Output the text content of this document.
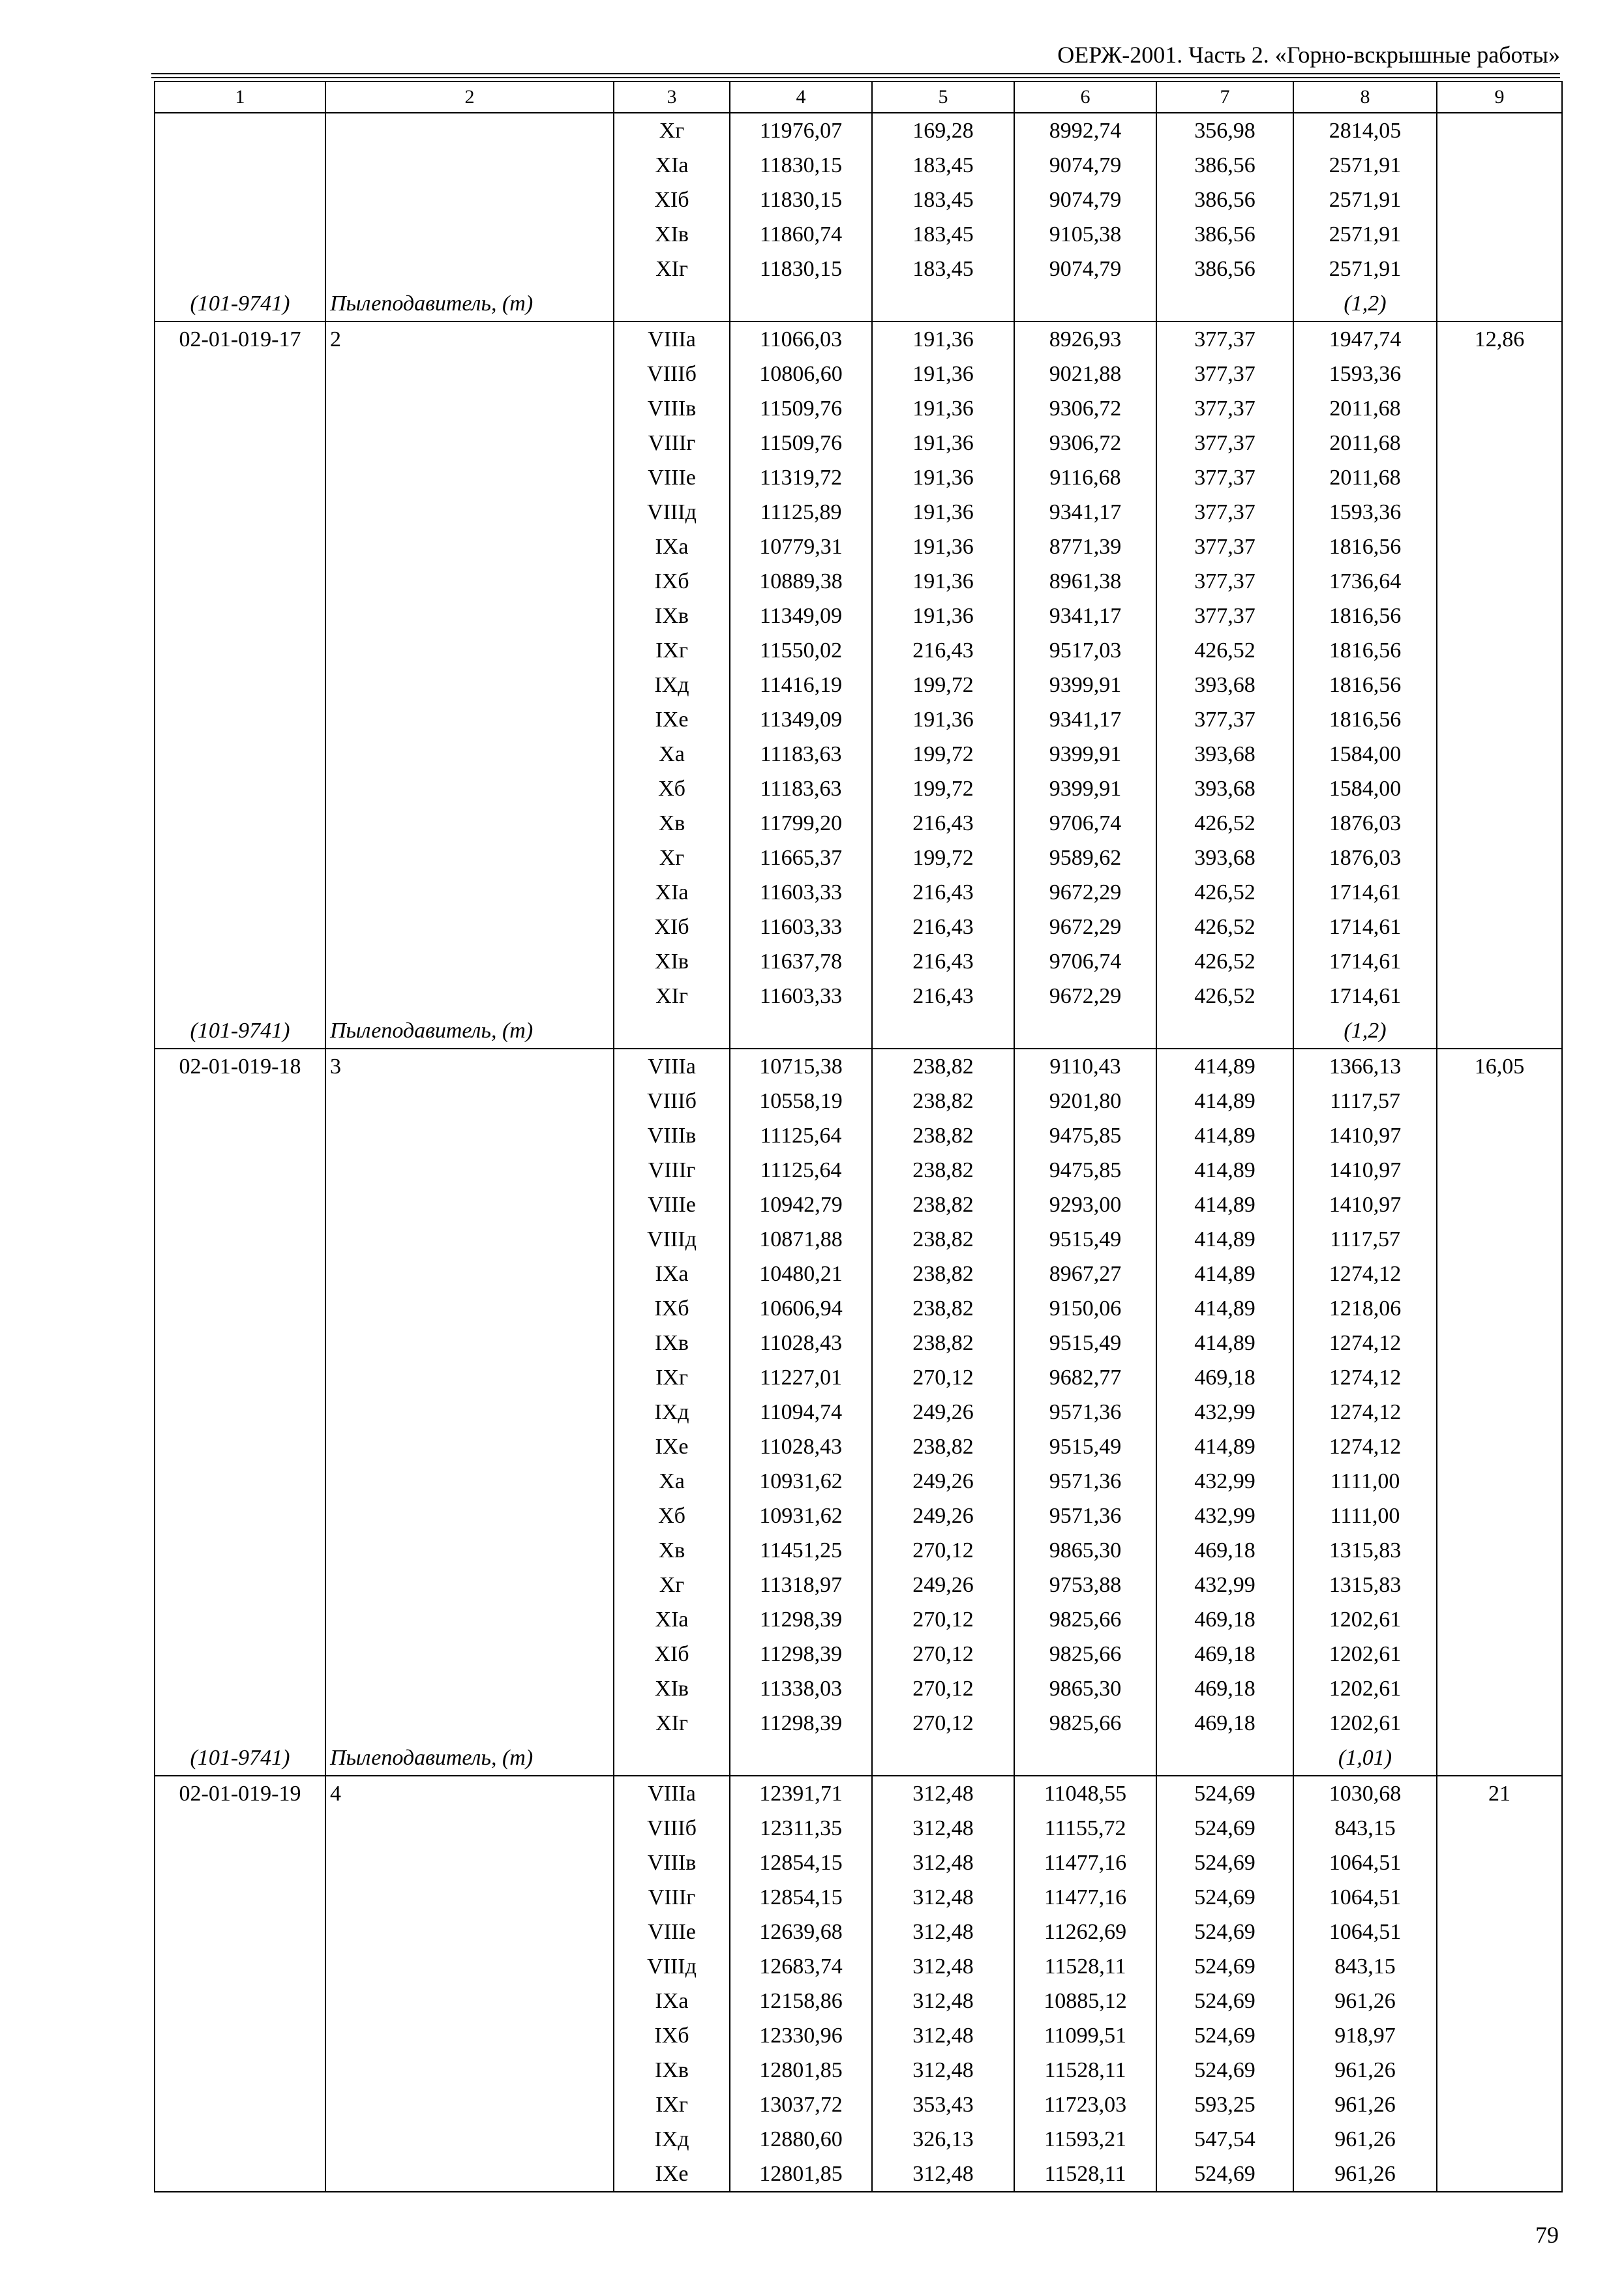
ОЕРЖ-2001. Часть 2. «Горно-вскрышные работы»
1	2	3	4	5	6	7	8	9
		Xг	11976,07	169,28	8992,74	356,98	2814,05	
		XIа	11830,15	183,45	9074,79	386,56	2571,91	
		XIб	11830,15	183,45	9074,79	386,56	2571,91	
		XIв	11860,74	183,45	9105,38	386,56	2571,91	
		XIг	11830,15	183,45	9074,79	386,56	2571,91	
(101-9741)	Пылеподавитель, (т)						(1,2)	
02-01-019-17	2	VIIIа	11066,03	191,36	8926,93	377,37	1947,74	12,86
		VIIIб	10806,60	191,36	9021,88	377,37	1593,36	
		VIIIв	11509,76	191,36	9306,72	377,37	2011,68	
		VIIIг	11509,76	191,36	9306,72	377,37	2011,68	
		VIIIе	11319,72	191,36	9116,68	377,37	2011,68	
		VIIIд	11125,89	191,36	9341,17	377,37	1593,36	
		IXа	10779,31	191,36	8771,39	377,37	1816,56	
		IXб	10889,38	191,36	8961,38	377,37	1736,64	
		IXв	11349,09	191,36	9341,17	377,37	1816,56	
		IXг	11550,02	216,43	9517,03	426,52	1816,56	
		IXд	11416,19	199,72	9399,91	393,68	1816,56	
		IXе	11349,09	191,36	9341,17	377,37	1816,56	
		Xа	11183,63	199,72	9399,91	393,68	1584,00	
		Xб	11183,63	199,72	9399,91	393,68	1584,00	
		Xв	11799,20	216,43	9706,74	426,52	1876,03	
		Xг	11665,37	199,72	9589,62	393,68	1876,03	
		XIа	11603,33	216,43	9672,29	426,52	1714,61	
		XIб	11603,33	216,43	9672,29	426,52	1714,61	
		XIв	11637,78	216,43	9706,74	426,52	1714,61	
		XIг	11603,33	216,43	9672,29	426,52	1714,61	
(101-9741)	Пылеподавитель, (т)						(1,2)	
02-01-019-18	3	VIIIа	10715,38	238,82	9110,43	414,89	1366,13	16,05
		VIIIб	10558,19	238,82	9201,80	414,89	1117,57	
		VIIIв	11125,64	238,82	9475,85	414,89	1410,97	
		VIIIг	11125,64	238,82	9475,85	414,89	1410,97	
		VIIIе	10942,79	238,82	9293,00	414,89	1410,97	
		VIIIд	10871,88	238,82	9515,49	414,89	1117,57	
		IXа	10480,21	238,82	8967,27	414,89	1274,12	
		IXб	10606,94	238,82	9150,06	414,89	1218,06	
		IXв	11028,43	238,82	9515,49	414,89	1274,12	
		IXг	11227,01	270,12	9682,77	469,18	1274,12	
		IXд	11094,74	249,26	9571,36	432,99	1274,12	
		IXе	11028,43	238,82	9515,49	414,89	1274,12	
		Xа	10931,62	249,26	9571,36	432,99	1111,00	
		Xб	10931,62	249,26	9571,36	432,99	1111,00	
		Xв	11451,25	270,12	9865,30	469,18	1315,83	
		Xг	11318,97	249,26	9753,88	432,99	1315,83	
		XIа	11298,39	270,12	9825,66	469,18	1202,61	
		XIб	11298,39	270,12	9825,66	469,18	1202,61	
		XIв	11338,03	270,12	9865,30	469,18	1202,61	
		XIг	11298,39	270,12	9825,66	469,18	1202,61	
(101-9741)	Пылеподавитель, (т)						(1,01)	
02-01-019-19	4	VIIIа	12391,71	312,48	11048,55	524,69	1030,68	21
		VIIIб	12311,35	312,48	11155,72	524,69	843,15	
		VIIIв	12854,15	312,48	11477,16	524,69	1064,51	
		VIIIг	12854,15	312,48	11477,16	524,69	1064,51	
		VIIIе	12639,68	312,48	11262,69	524,69	1064,51	
		VIIIд	12683,74	312,48	11528,11	524,69	843,15	
		IXа	12158,86	312,48	10885,12	524,69	961,26	
		IXб	12330,96	312,48	11099,51	524,69	918,97	
		IXв	12801,85	312,48	11528,11	524,69	961,26	
		IXг	13037,72	353,43	11723,03	593,25	961,26	
		IXд	12880,60	326,13	11593,21	547,54	961,26	
		IXе	12801,85	312,48	11528,11	524,69	961,26	
79
